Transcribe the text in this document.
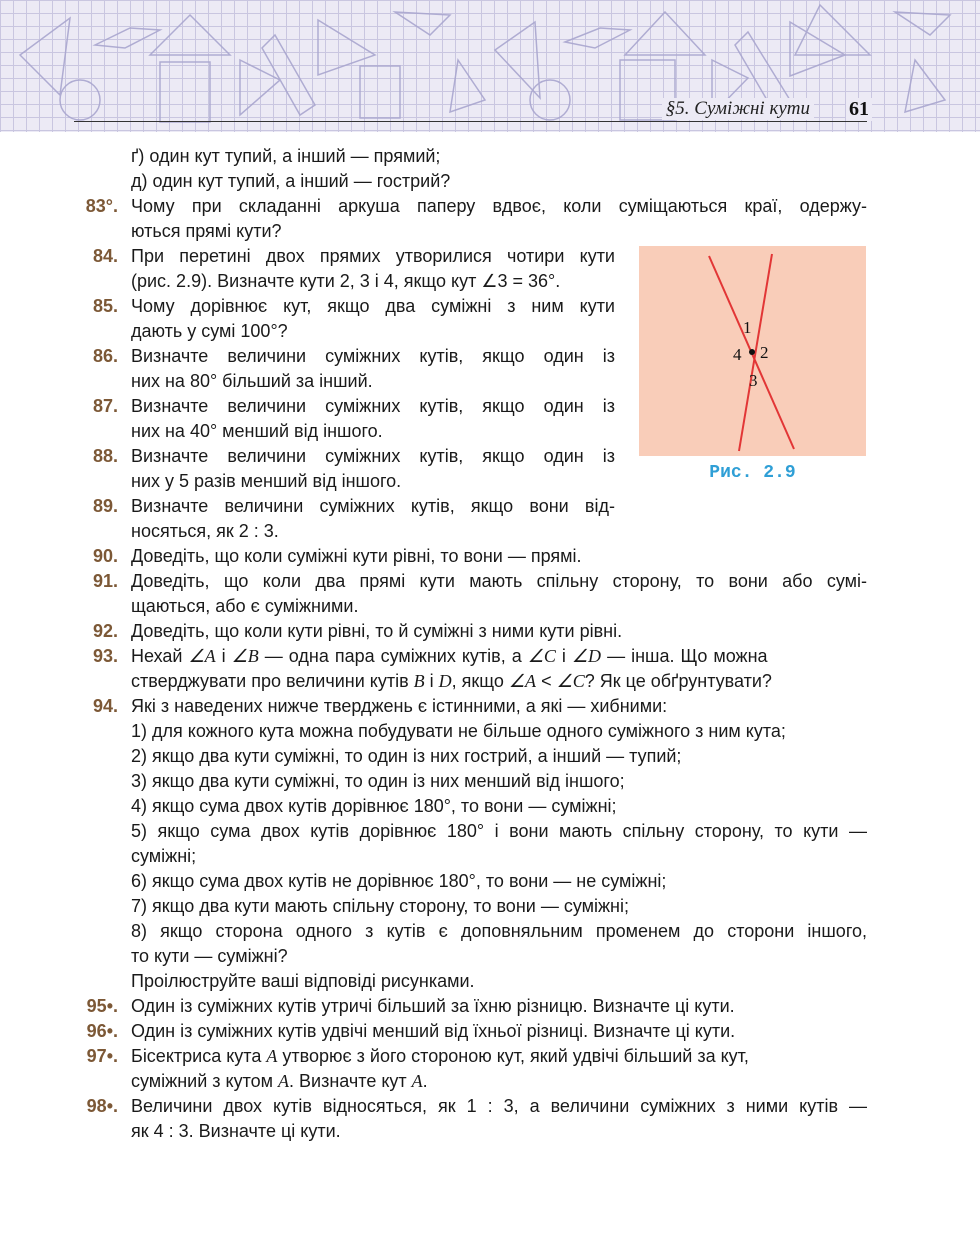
§5. Суміжні кути 61
1
2
3
4
Рис. 2.9
ґ) один кут тупий, а інший — прямий;
д) один кут тупий, а інший — гострий?
83°. Чому при складанні аркуша паперу вдвоє, коли суміщаються краї, одержу-
ються прямі кути?
84. При перетині двох прямих утворилися чотири кути
(рис. 2.9). Визначте кути 2, 3 і 4, якщо кут ∠3 = 36°.
85. Чому дорівнює кут, якщо два суміжні з ним кути
дають у сумі 100°?
86. Визначте величини суміжних кутів, якщо один із
них на 80° більший за інший.
87. Визначте величини суміжних кутів, якщо один із
них на 40° менший від іншого.
88. Визначте величини суміжних кутів, якщо один із
них у 5 разів менший від іншого.
89. Визначте величини суміжних кутів, якщо вони від-
носяться, як 2 : 3.
90. Доведіть, що коли суміжні кути рівні, то вони — прямі.
91. Доведіть, що коли два прямі кути мають спільну сторону, то вони або сумі-
щаються, або є суміжними.
92. Доведіть, що коли кути рівні, то й суміжні з ними кути рівні.
93. Нехай ∠A і ∠B — одна пара суміжних кутів, а ∠C і ∠D — інша. Що можна
стверджувати про величини кутів B і D, якщо ∠A < ∠C? Як це обґрунтувати?
94. Які з наведених нижче тверджень є істинними, а які — хибними:
1) для кожного кута можна побудувати не більше одного суміжного з ним кута;
2) якщо два кути суміжні, то один із них гострий, а інший — тупий;
3) якщо два кути суміжні, то один із них менший від іншого;
4) якщо сума двох кутів дорівнює 180°, то вони — суміжні;
5) якщо сума двох кутів дорівнює 180° і вони мають спільну сторону, то кути —
суміжні;
6) якщо сума двох кутів не дорівнює 180°, то вони — не суміжні;
7) якщо два кути мають спільну сторону, то вони — суміжні;
8) якщо сторона одного з кутів є доповняльним променем до сторони іншого,
то кути — суміжні?
Проілюструйте ваші відповіді рисунками.
95•. Один із суміжних кутів утричі більший за їхню різницю. Визначте ці кути.
96•. Один із суміжних кутів удвічі менший від їхньої різниці. Визначте ці кути.
97•. Бісектриса кута A утворює з його стороною кут, який удвічі більший за кут,
суміжний з кутом A. Визначте кут A.
98•. Величини двох кутів відносяться, як 1 : 3, а величини суміжних з ними кутів —
як 4 : 3. Визначте ці кути.
